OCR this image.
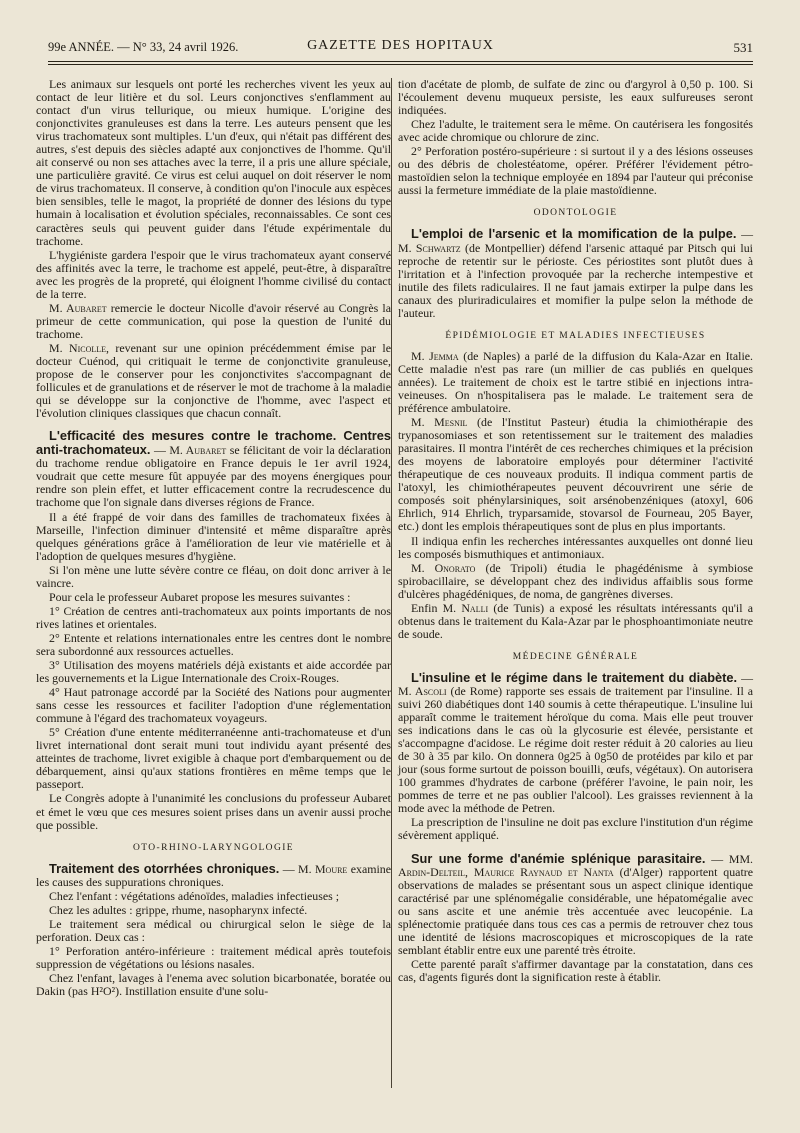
99e ANNÉE. — N° 33, 24 avril 1926.	GAZETTE DES HOPITAUX	531

Les animaux sur lesquels ont porté les recherches vivent les yeux au contact de leur litière et du sol. Leurs conjonctives s'enflamment au contact d'un virus tellurique, ou mieux humique. L'origine des conjonctivites granuleuses est dans la terre. Les auteurs pensent que les virus trachomateux sont multiples. L'un d'eux, qui n'était pas différent des autres, s'est depuis des siècles adapté aux conjonctives de l'homme. Qu'il ait conservé ou non ses attaches avec la terre, il a pris une allure spéciale, une particulière gravité. Ce virus est celui auquel on doit réserver le nom de virus trachomateux. Il conserve, à condition qu'on l'inocule aux espèces bien sensibles, telle le magot, la propriété de donner des lésions du type humain à localisation et évolution spéciales, reconnaissables. Ce sont ces caractères seuls qui peuvent guider dans l'étude expérimentale du trachome.

L'hygiéniste gardera l'espoir que le virus trachomateux ayant conservé des affinités avec la terre, le trachome est appelé, peut-être, à disparaître avec les progrès de la propreté, qui éloignent l'homme civilisé du contact de la terre.

M. Aubaret remercie le docteur Nicolle d'avoir réservé au Congrès la primeur de cette communication, qui pose la question de l'unité du trachome.

M. Nicolle, revenant sur une opinion précédemment émise par le docteur Cuénod, qui critiquait le terme de conjonctivite granuleuse, propose de le conserver pour les conjonctivites s'accompagnant de follicules et de granulations et de réserver le mot de trachome à la maladie qui se développe sur la conjonctive de l'homme, avec l'aspect et l'évolution cliniques classiques que chacun connaît.

L'efficacité des mesures contre le trachome. Centres anti-trachomateux. — M. Aubaret se félicitant de voir la déclaration du trachome rendue obligatoire en France depuis le 1er avril 1924, voudrait que cette mesure fût appuyée par des moyens énergiques pour rendre son plein effet, et lutter efficacement contre la recrudescence du trachome que l'on signale dans diverses régions de France.

Il a été frappé de voir dans des familles de trachomateux fixées à Marseille, l'infection diminuer d'intensité et même disparaître après quelques générations grâce à l'amélioration de leur vie matérielle et à l'adoption de quelques mesures d'hygiène.

Si l'on mène une lutte sévère contre ce fléau, on doit donc arriver à le vaincre.

Pour cela le professeur Aubaret propose les mesures suivantes :

1° Création de centres anti-trachomateux aux points importants de nos rives latines et orientales.

2° Entente et relations internationales entre les centres dont le nombre sera subordonné aux ressources actuelles.

3° Utilisation des moyens matériels déjà existants et aide accordée par les gouvernements et la Ligue Internationale des Croix-Rouges.

4° Haut patronage accordé par la Société des Nations pour augmenter sans cesse les ressources et faciliter l'adoption d'une réglementation commune à l'égard des trachomateux voyageurs.

5° Création d'une entente méditerranéenne anti-trachomateuse et d'un livret international dont serait muni tout individu ayant présenté des atteintes de trachome, livret exigible à chaque port d'embarquement ou de débarquement, ainsi qu'aux stations frontières en même temps que le passeport.

Le Congrès adopte à l'unanimité les conclusions du professeur Aubaret et émet le vœu que ces mesures soient prises dans un avenir aussi proche que possible.

OTO-RHINO-LARYNGOLOGIE

Traitement des otorrhées chroniques. — M. Moure examine les causes des suppurations chroniques.

Chez l'enfant : végétations adénoïdes, maladies infectieuses ;

Chez les adultes : grippe, rhume, nasopharynx infecté.

Le traitement sera médical ou chirurgical selon le siège de la perforation. Deux cas :

1° Perforation antéro-inférieure : traitement médical après toutefois suppression de végétations ou lésions nasales.

Chez l'enfant, lavages à l'enema avec solution bicarbonatée, boratée ou Dakin (pas H²O²). Instillation ensuite d'une solu-

tion d'acétate de plomb, de sulfate de zinc ou d'argyrol à 0,50 p. 100. Si l'écoulement devenu muqueux persiste, les eaux sulfureuses seront indiquées.

Chez l'adulte, le traitement sera le même. On cautérisera les fongosités avec acide chromique ou chlorure de zinc.

2° Perforation postéro-supérieure : si surtout il y a des lésions osseuses ou des débris de cholestéatome, opérer. Préférer l'évidement pétro-mastoïdien selon la technique employée en 1894 par l'auteur qui préconise aussi la fermeture immédiate de la plaie mastoïdienne.

ODONTOLOGIE

L'emploi de l'arsenic et la momification de la pulpe. — M. Schwartz (de Montpellier) défend l'arsenic attaqué par Pitsch qui lui reproche de retentir sur le périoste. Ces périostites sont plutôt dues à l'irritation et à l'infection provoquée par la recherche intempestive et inutile des filets radiculaires. Il ne faut jamais extirper la pulpe dans les canaux des pluriradiculaires et momifier la pulpe selon la méthode de l'auteur.

ÉPIDÉMIOLOGIE ET MALADIES INFECTIEUSES

M. Jemma (de Naples) a parlé de la diffusion du Kala-Azar en Italie. Cette maladie n'est pas rare (un millier de cas publiés en quelques années). Le traitement de choix est le tartre stibié en injections intra-veineuses. On n'hospitalisera pas le malade. Le traitement sera de préférence ambulatoire.

M. Mesnil (de l'Institut Pasteur) étudia la chimiothérapie des trypanosomiases et son retentissement sur le traitement des maladies parasitaires. Il montra l'intérêt de ces recherches chimiques et la précision des moyens de laboratoire employés pour déterminer l'activité thérapeutique de ces nouveaux produits. Il indiqua comment partis de l'atoxyl, les chimiothérapeutes peuvent découvrirent une série de composés soit phénylarsiniques, soit arsénobenzéniques (atoxyl, 606 Ehrlich, 914 Ehrlich, tryparsamide, stovarsol de Fourneau, 205 Bayer, etc.) dont les emplois thérapeutiques sont de plus en plus importants.

Il indiqua enfin les recherches intéressantes auxquelles ont donné lieu les composés bismuthiques et antimoniaux.

M. Onorato (de Tripoli) étudia le phagédénisme à symbiose spirobacillaire, se développant chez des individus affaiblis sous forme d'ulcères phagédéniques, de noma, de gangrènes diverses.

Enfin M. Nalli (de Tunis) a exposé les résultats intéressants qu'il a obtenus dans le traitement du Kala-Azar par le phosphoantimoniate neutre de soude.

MÉDECINE GÉNÉRALE

L'insuline et le régime dans le traitement du diabète. — M. Ascoli (de Rome) rapporte ses essais de traitement par l'insuline. Il a suivi 260 diabétiques dont 140 soumis à cette thérapeutique. L'insuline lui apparaît comme le traitement héroïque du coma. Mais elle peut trouver ses indications dans le cas où la glycosurie est élevée, persistante et s'accompagne d'acidose. Le régime doit rester réduit à 20 calories au lieu de 30 à 35 par kilo. On donnera 0g25 à 0g50 de protéides par kilo et par jour (sous forme surtout de poisson bouilli, œufs, végétaux). On autorisera 100 grammes d'hydrates de carbone (préférer l'avoine, le pain noir, les pommes de terre et ne pas oublier l'alcool). Les graisses reviennent à la mode avec la méthode de Petren.

La prescription de l'insuline ne doit pas exclure l'institution d'un régime sévèrement appliqué.

Sur une forme d'anémie splénique parasitaire. — MM. Ardin-Delteil, Maurice Raynaud et Nanta (d'Alger) rapportent quatre observations de malades se présentant sous un aspect clinique identique caractérisé par une splénomégalie considérable, une hépatomégalie avec ou sans ascite et une anémie très accentuée avec leucopénie. La splénectomie pratiquée dans tous ces cas a permis de retrouver chez tous une identité de lésions macroscopiques et microscopiques de la rate semblant établir entre eux une parenté très étroite.

Cette parenté paraît s'affirmer davantage par la constatation, dans ces cas, d'agents figurés dont la signification reste à établir.
